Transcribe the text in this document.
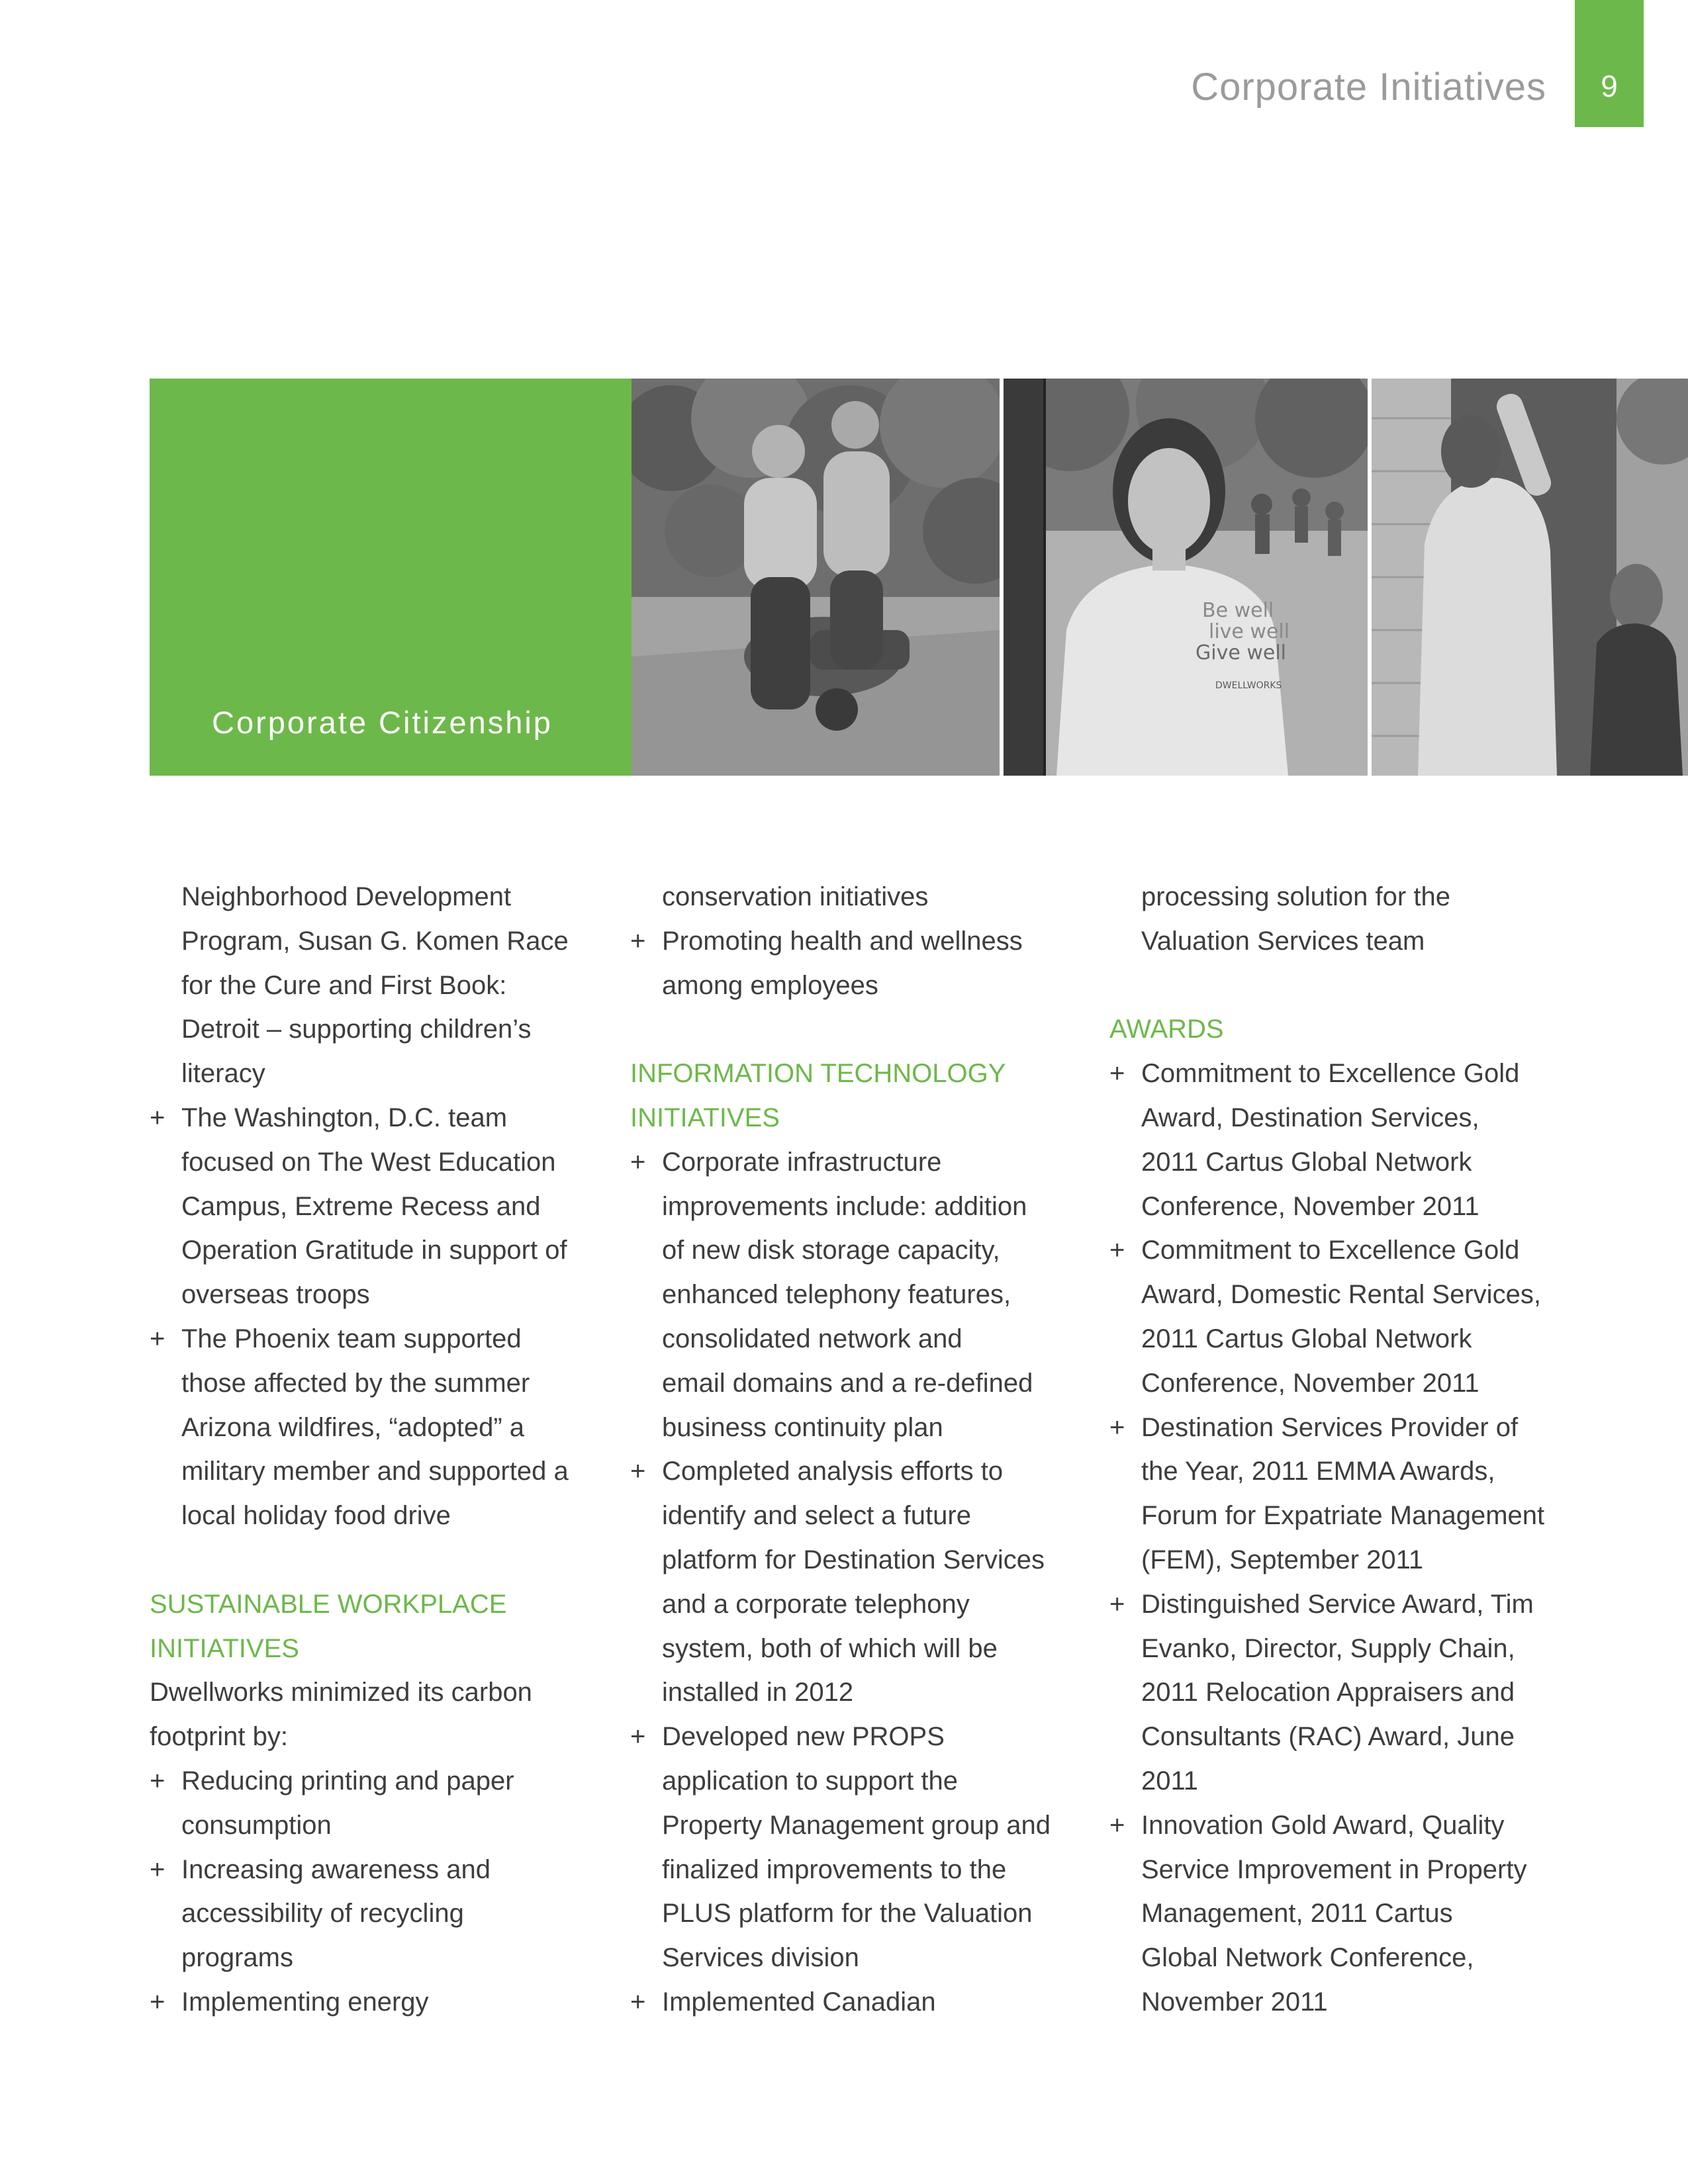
Corporate Initiatives	9
Corporate Citizenship
Be well
live well
Give well
DWELLWORKS
Neighborhood Development
Program, Susan G. Komen Race
for the Cure and First Book:
Detroit – supporting children’s
literacy
+ The Washington, D.C. team
focused on The West Education
Campus, Extreme Recess and
Operation Gratitude in support of
overseas troops
+ The Phoenix team supported
those affected by the summer
Arizona wildfires, “adopted” a
military member and supported a
local holiday food drive
SUSTAINABLE WORKPLACE
INITIATIVES
Dwellworks minimized its carbon
footprint by:
+ Reducing printing and paper
consumption
+ Increasing awareness and
accessibility of recycling
programs
+ Implementing energy
conservation initiatives
+ Promoting health and wellness
among employees
INFORMATION TECHNOLOGY
INITIATIVES
+ Corporate infrastructure
improvements include: addition
of new disk storage capacity,
enhanced telephony features,
consolidated network and
email domains and a re-defined
business continuity plan
+ Completed analysis efforts to
identify and select a future
platform for Destination Services
and a corporate telephony
system, both of which will be
installed in 2012
+ Developed new PROPS
application to support the
Property Management group and
finalized improvements to the
PLUS platform for the Valuation
Services division
+ Implemented Canadian
processing solution for the
Valuation Services team
AWARDS
+ Commitment to Excellence Gold
Award, Destination Services,
2011 Cartus Global Network
Conference, November 2011
+ Commitment to Excellence Gold
Award, Domestic Rental Services,
2011 Cartus Global Network
Conference, November 2011
+ Destination Services Provider of
the Year, 2011 EMMA Awards,
Forum for Expatriate Management
(FEM), September 2011
+ Distinguished Service Award, Tim
Evanko, Director, Supply Chain,
2011 Relocation Appraisers and
Consultants (RAC) Award, June
2011
+ Innovation Gold Award, Quality
Service Improvement in Property
Management, 2011 Cartus
Global Network Conference,
November 2011
